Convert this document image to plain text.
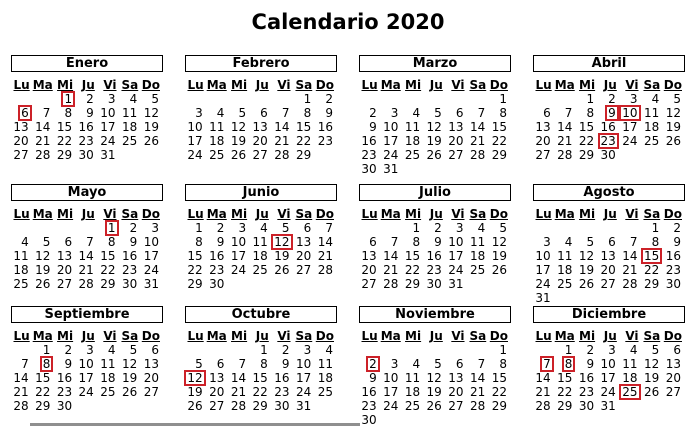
Calendario 2020
Enero
Lu	Ma	Mi	Ju	Vi	Sa	Do
		1	2	3	4	5
6	7	8	9	10	11	12
13	14	15	16	17	18	19
20	21	22	23	24	25	26
27	28	29	30	31		
Febrero
Lu	Ma	Mi	Ju	Vi	Sa	Do
					1	2
3	4	5	6	7	8	9
10	11	12	13	14	15	16
17	18	19	20	21	22	23
24	25	26	27	28	29	
Marzo
Lu	Ma	Mi	Ju	Vi	Sa	Do
						1
2	3	4	5	6	7	8
9	10	11	12	13	14	15
16	17	18	19	20	21	22
23	24	25	26	27	28	29
30	31					
Abril
Lu	Ma	Mi	Ju	Vi	Sa	Do
		1	2	3	4	5
6	7	8	9	10	11	12
13	14	15	16	17	18	19
20	21	22	23	24	25	26
27	28	29	30			
Mayo
Lu	Ma	Mi	Ju	Vi	Sa	Do
				1	2	3
4	5	6	7	8	9	10
11	12	13	14	15	16	17
18	19	20	21	22	23	24
25	26	27	28	29	30	31
Junio
Lu	Ma	Mi	Ju	Vi	Sa	Do
1	2	3	4	5	6	7
8	9	10	11	12	13	14
15	16	17	18	19	20	21
22	23	24	25	26	27	28
29	30					
Julio
Lu	Ma	Mi	Ju	Vi	Sa	Do
		1	2	3	4	5
6	7	8	9	10	11	12
13	14	15	16	17	18	19
20	21	22	23	24	25	26
27	28	29	30	31		
Agosto
Lu	Ma	Mi	Ju	Vi	Sa	Do
					1	2
3	4	5	6	7	8	9
10	11	12	13	14	15	16
17	18	19	20	21	22	23
24	25	26	27	28	29	30
31						
Septiembre
Lu	Ma	Mi	Ju	Vi	Sa	Do
	1	2	3	4	5	6
7	8	9	10	11	12	13
14	15	16	17	18	19	20
21	22	23	24	25	26	27
28	29	30				
Octubre
Lu	Ma	Mi	Ju	Vi	Sa	Do
			1	2	3	4
5	6	7	8	9	10	11
12	13	14	15	16	17	18
19	20	21	22	23	24	25
26	27	28	29	30	31	
Noviembre
Lu	Ma	Mi	Ju	Vi	Sa	Do
						1
2	3	4	5	6	7	8
9	10	11	12	13	14	15
16	17	18	19	20	21	22
23	24	25	26	27	28	29
30						
Diciembre
Lu	Ma	Mi	Ju	Vi	Sa	Do
	1	2	3	4	5	6
7	8	9	10	11	12	13
14	15	16	17	18	19	20
21	22	23	24	25	26	27
28	29	30	31			
